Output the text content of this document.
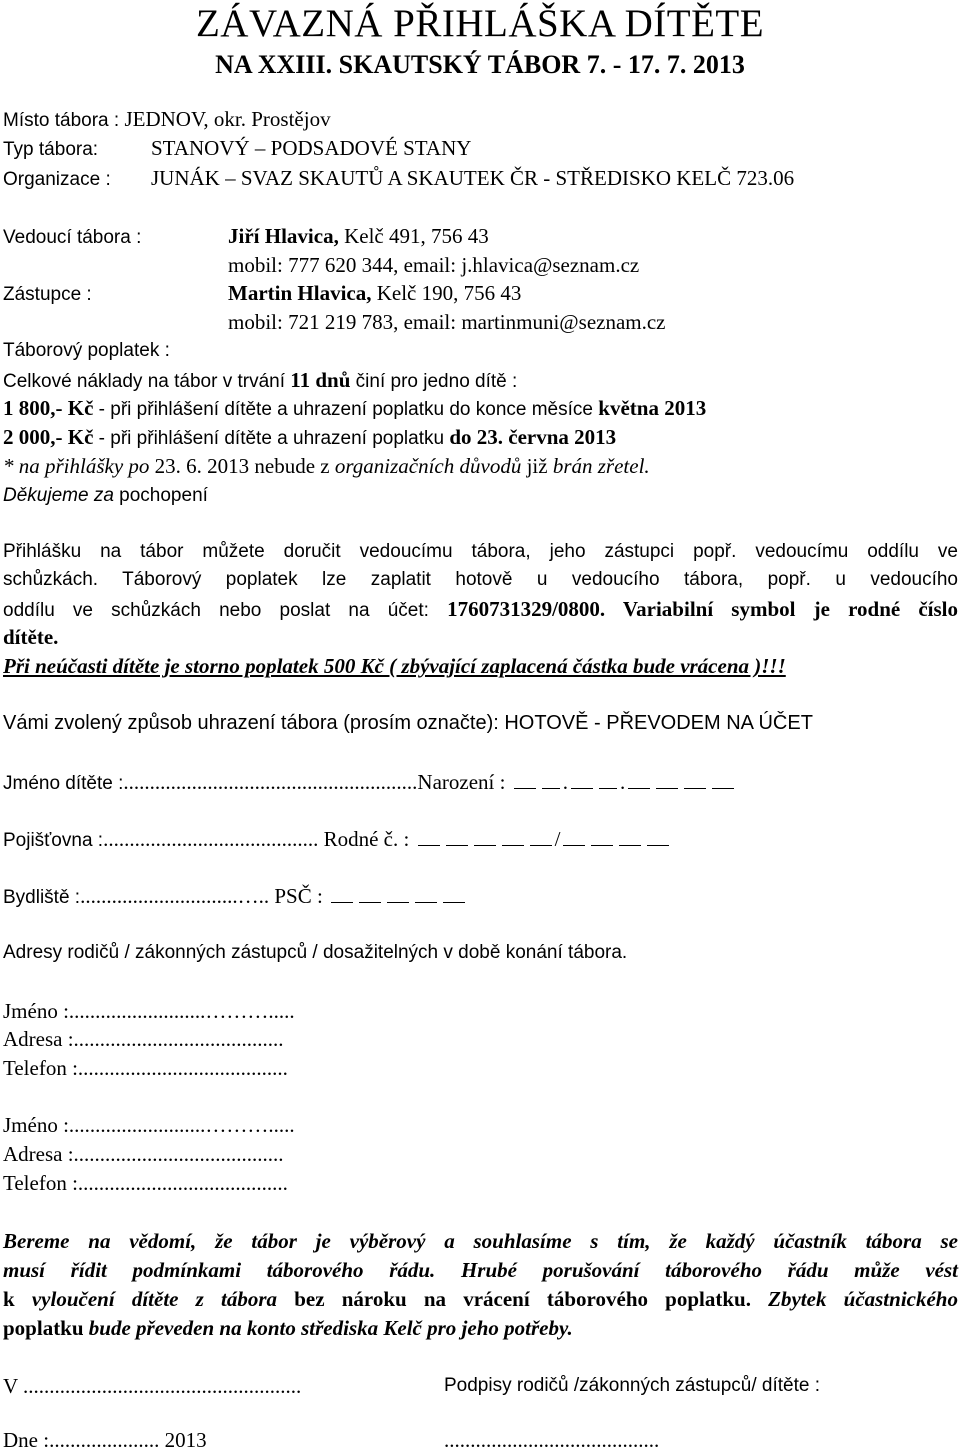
ZÁVAZNÁ PŘIHLÁŠKA DÍTĚTE
NA XXIII. SKAUTSKÝ TÁBOR 7. - 17. 7. 2013
Místo tábora : JEDNOV, okr. Prostějov
Typ tábora:	STANOVÝ – PODSADOVÉ STANY
Organizace : JUNÁK – SVAZ SKAUTŮ A SKAUTEK ČR - STŘEDISKO KELČ 723.06
Vedoucí tábora :	Jiří Hlavica, Kelč 491, 756 43
mobil: 777 620 344, email: j.hlavica@seznam.cz
Zástupce :	Martin Hlavica, Kelč 190, 756 43
mobil: 721 219 783, email: martinmuni@seznam.cz
Táborový poplatek :
Celkové náklady na tábor v trvání 11 dnů činí pro jedno dítě :
1 800,- Kč - při přihlášení dítěte a uhrazení poplatku do konce měsíce května 2013
2 000,- Kč - při přihlášení dítěte a uhrazení poplatku do 23. června 2013
* na přihlášky po 23. 6. 2013 nebude z organizačních důvodů již brán zřetel.
Děkujeme za pochopení
Přihlášku na tábor můžete doručit vedoucímu tábora, jeho zástupci popř. vedoucímu oddílu ve
schůzkách. Táborový poplatek lze zaplatit hotově u vedoucího tábora, popř. u vedoucího
oddílu ve schůzkách nebo poslat na účet: 1760731329/0800. Variabilní symbol je rodné číslo
dítěte.
Při neúčasti dítěte je storno poplatek 500 Kč ( zbývající zaplacená částka bude vrácena )!!!
Vámi zvolený způsob uhrazení tábora (prosím označte): HOTOVĚ - PŘEVODEM NA ÚČET
Jméno dítěte :........................................................Narození :	. .
Pojišťovna :......................................... Rodné č. :	/
Bydliště :..............................….. PSČ :
Adresy rodičů / zákonných zástupců / dosažitelných v době konání tábora.
Jméno :..........................……….....
Adresa :........................................
Telefon :........................................
Jméno :..........................……….....
Adresa :........................................
Telefon :........................................
Bereme na vědomí, že tábor je výběrový a souhlasíme s tím, že každý účastník tábora se
musí řídit podmínkami táborového řádu. Hrubé porušování táborového řádu může vést
k vyloučení dítěte z tábora bez nároku na vrácení táborového poplatku. Zbytek účastnického
poplatku bude převeden na konto střediska Kelč pro jeho potřeby.
V .....................................................	Podpisy rodičů /zákonných zástupců/ dítěte :
Dne :..................... 2013	.........................................
